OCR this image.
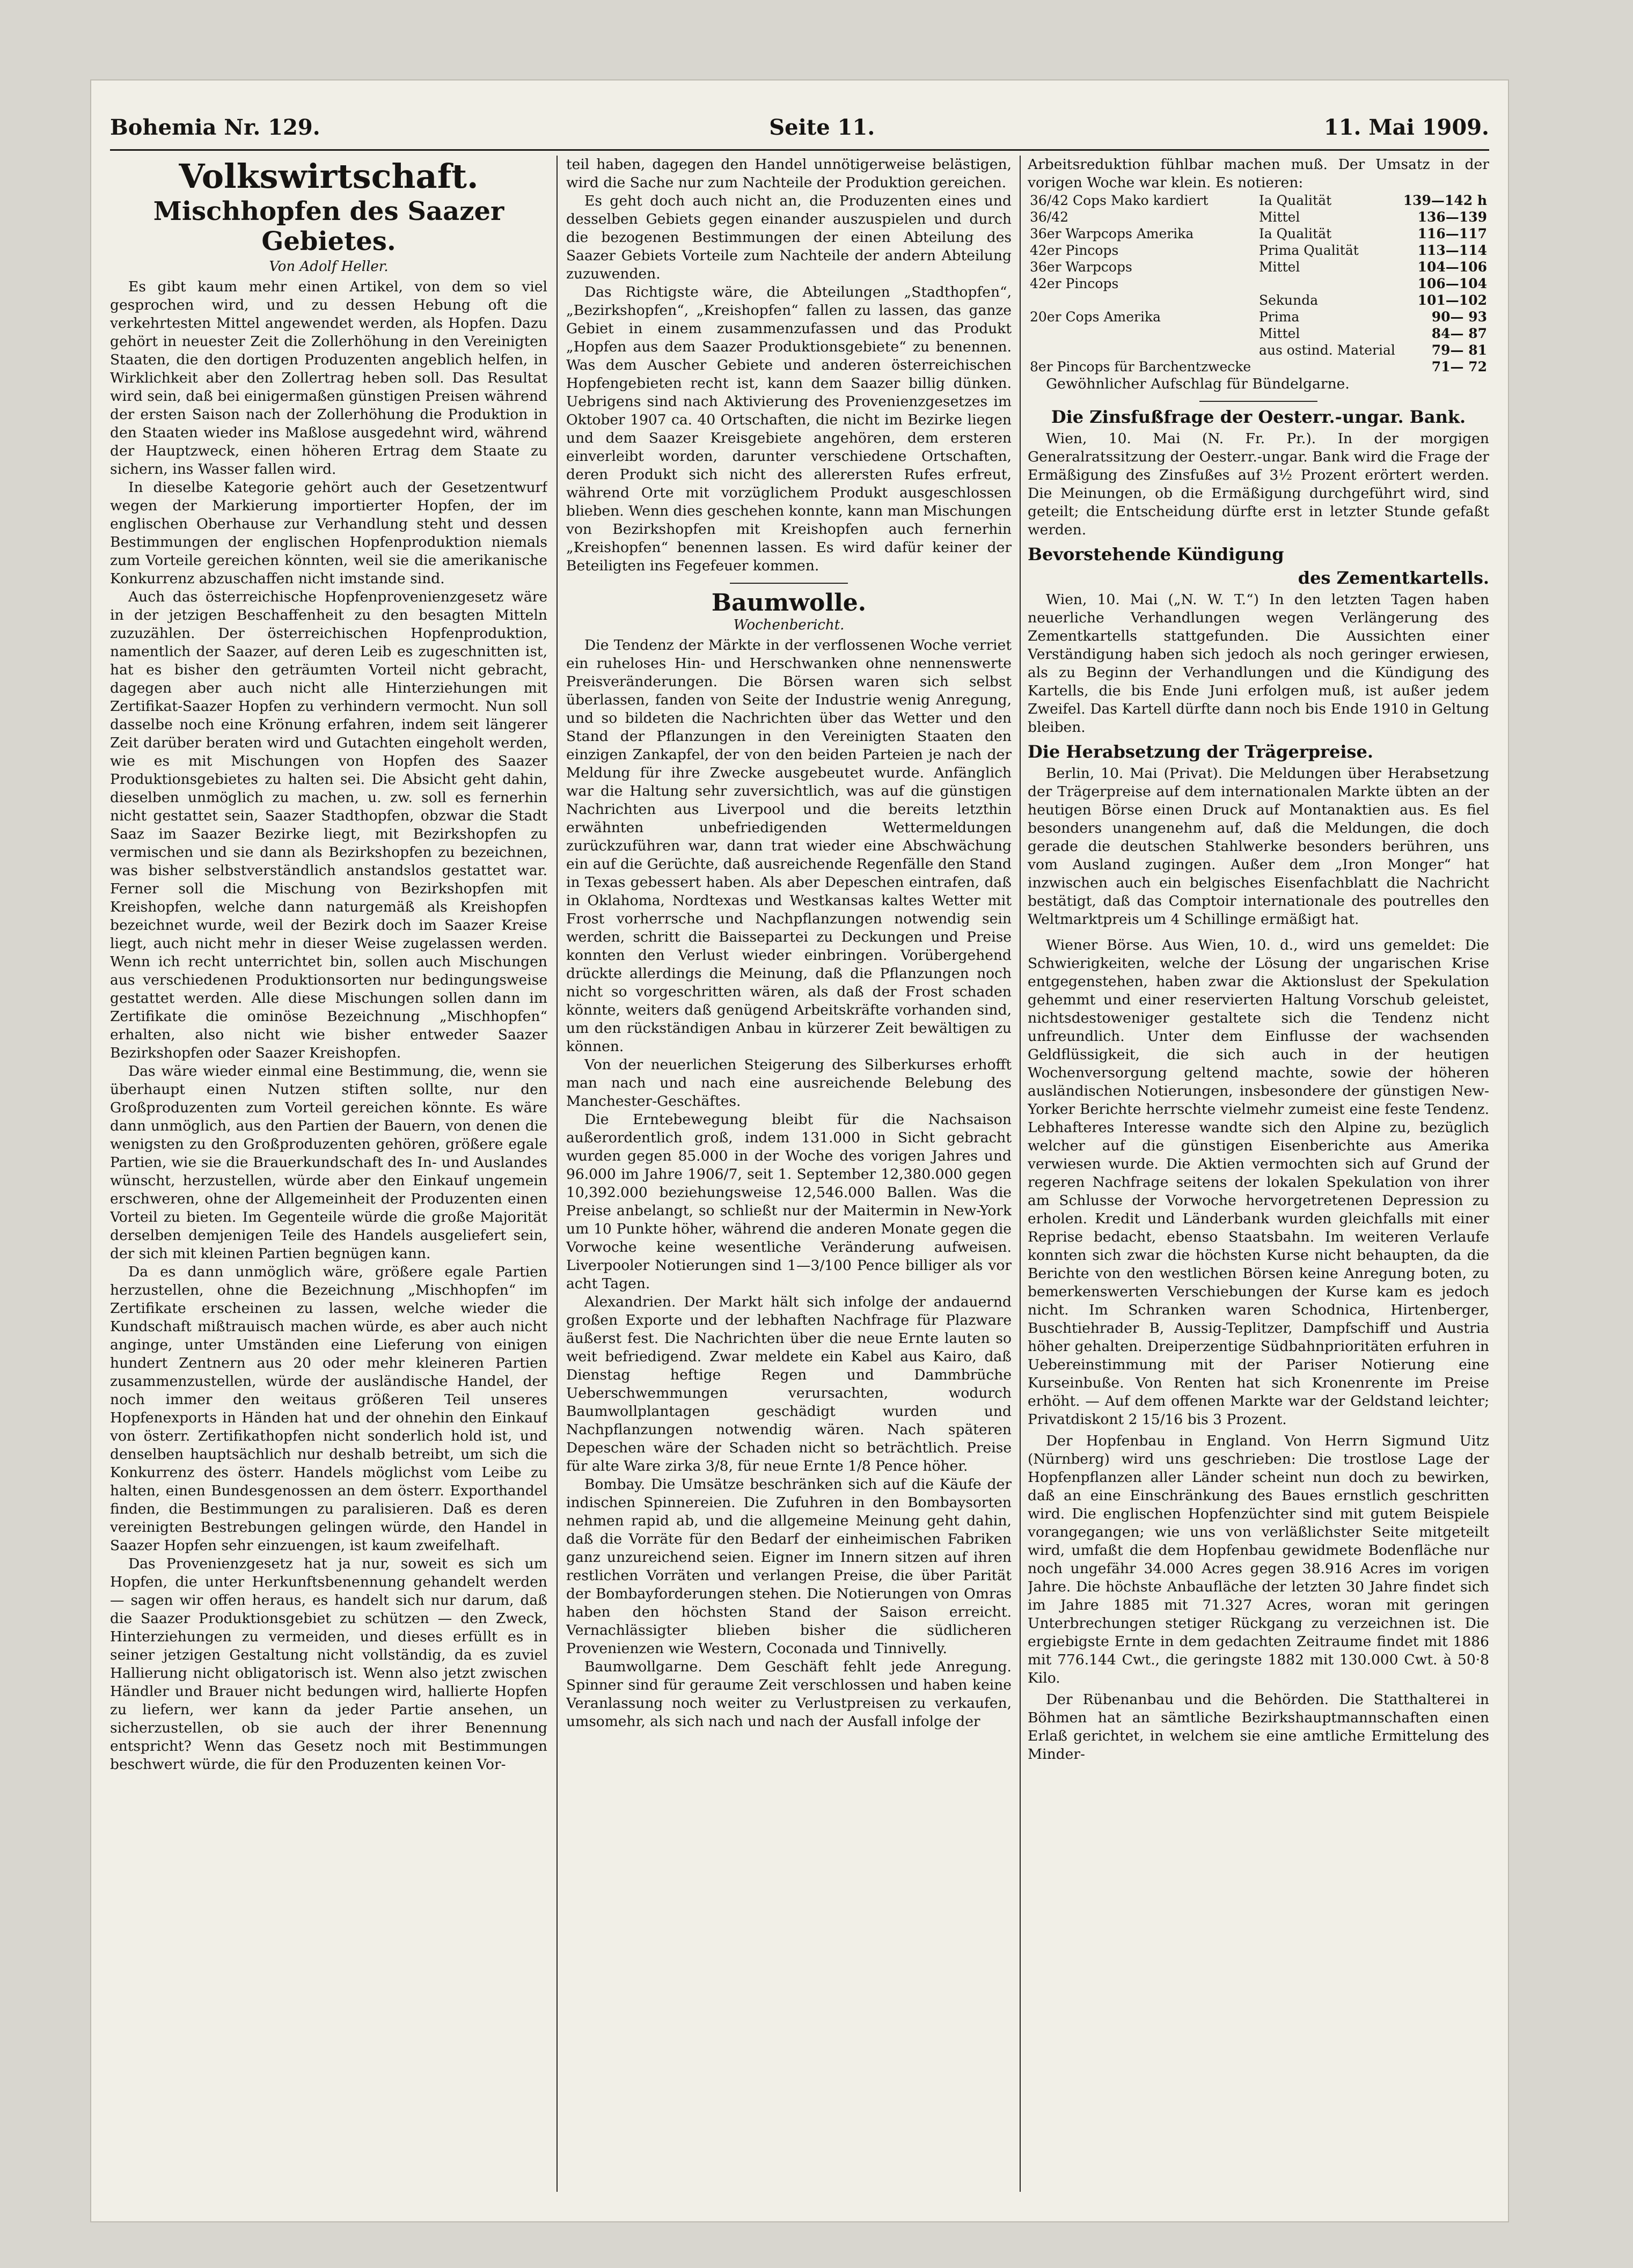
Bohemia Nr. 129.	Seite 11.	11. Mai 1909.
Volkswirtschaft.
Mischhopfen des Saazer Gebietes.
Von Adolf Heller.

Es gibt kaum mehr einen Artikel, von dem so viel gesprochen wird, und zu dessen Hebung oft die verkehrtesten Mittel angewendet werden, als Hopfen. Dazu gehört in neuester Zeit die Zollerhöhung in den Vereinigten Staaten, die den dortigen Produzenten angeblich helfen, in Wirklichkeit aber den Zollertrag heben soll. Das Resultat wird sein, daß bei einigermaßen günstigen Preisen während der ersten Saison nach der Zollerhöhung die Produktion in den Staaten wieder ins Maßlose ausgedehnt wird, während der Hauptzweck, einen höheren Ertrag dem Staate zu sichern, ins Wasser fallen wird.

In dieselbe Kategorie gehört auch der Gesetzentwurf wegen der Markierung importierter Hopfen, der im englischen Oberhause zur Verhandlung steht und dessen Bestimmungen der englischen Hopfenproduktion niemals zum Vorteile gereichen könnten, weil sie die amerikanische Konkurrenz abzuschaffen nicht imstande sind.

Auch das österreichische Hopfenprovenienzgesetz wäre in der jetzigen Beschaffenheit zu den besagten Mitteln zuzuzählen. Der österreichischen Hopfenproduktion, namentlich der Saazer, auf deren Leib es zugeschnitten ist, hat es bisher den geträumten Vorteil nicht gebracht, dagegen aber auch nicht alle Hinterziehungen mit Zertifikat-Saazer Hopfen zu verhindern vermocht. Nun soll dasselbe noch eine Krönung erfahren, indem seit längerer Zeit darüber beraten wird und Gutachten eingeholt werden, wie es mit Mischungen von Hopfen des Saazer Produktionsgebietes zu halten sei. Die Absicht geht dahin, dieselben unmöglich zu machen, u. zw. soll es fernerhin nicht gestattet sein, Saazer Stadthopfen, obzwar die Stadt Saaz im Saazer Bezirke liegt, mit Bezirkshopfen zu vermischen und sie dann als Bezirkshopfen zu bezeichnen, was bisher selbstverständlich anstandslos gestattet war. Ferner soll die Mischung von Bezirkshopfen mit Kreishopfen, welche dann naturgemäß als Kreishopfen bezeichnet wurde, weil der Bezirk doch im Saazer Kreise liegt, auch nicht mehr in dieser Weise zugelassen werden. Wenn ich recht unterrichtet bin, sollen auch Mischungen aus verschiedenen Produktionsorten nur bedingungsweise gestattet werden. Alle diese Mischungen sollen dann im Zertifikate die ominöse Bezeichnung „Mischhopfen“ erhalten, also nicht wie bisher entweder Saazer Bezirkshopfen oder Saazer Kreishopfen.

Das wäre wieder einmal eine Bestimmung, die, wenn sie überhaupt einen Nutzen stiften sollte, nur den Großproduzenten zum Vorteil gereichen könnte. Es wäre dann unmöglich, aus den Partien der Bauern, von denen die wenigsten zu den Großproduzenten gehören, größere egale Partien, wie sie die Brauerkundschaft des In- und Auslandes wünscht, herzustellen, würde aber den Einkauf ungemein erschweren, ohne der Allgemeinheit der Produzenten einen Vorteil zu bieten. Im Gegenteile würde die große Majorität derselben demjenigen Teile des Handels ausgeliefert sein, der sich mit kleinen Partien begnügen kann.

Da es dann unmöglich wäre, größere egale Partien herzustellen, ohne die Bezeichnung „Mischhopfen“ im Zertifikate erscheinen zu lassen, welche wieder die Kundschaft mißtrauisch machen würde, es aber auch nicht anginge, unter Umständen eine Lieferung von einigen hundert Zentnern aus 20 oder mehr kleineren Partien zusammenzustellen, würde der ausländische Handel, der noch immer den weitaus größeren Teil unseres Hopfenexports in Händen hat und der ohnehin den Einkauf von österr. Zertifikathopfen nicht sonderlich hold ist, und denselben hauptsächlich nur deshalb betreibt, um sich die Konkurrenz des österr. Handels möglichst vom Leibe zu halten, einen Bundesgenossen an dem österr. Exporthandel finden, die Bestimmungen zu paralisieren. Daß es deren vereinigten Bestrebungen gelingen würde, den Handel in Saazer Hopfen sehr einzuengen, ist kaum zweifelhaft.

Das Provenienzgesetz hat ja nur, soweit es sich um Hopfen, die unter Herkunftsbenennung gehandelt werden — sagen wir offen heraus, es handelt sich nur darum, daß die Saazer Produktionsgebiet zu schützen — den Zweck, Hinterziehungen zu vermeiden, und dieses erfüllt es in seiner jetzigen Gestaltung nicht vollständig, da es zuviel Hallierung nicht obligatorisch ist. Wenn also jetzt zwischen Händler und Brauer nicht bedungen wird, hallierte Hopfen zu liefern, wer kann da jeder Partie ansehen, un sicherzustellen, ob sie auch der ihrer Benennung entspricht? Wenn das Gesetz noch mit Bestimmungen beschwert würde, die für den Produzenten keinen Vor-

teil haben, dagegen den Handel unnötigerweise belästigen, wird die Sache nur zum Nachteile der Produktion gereichen.

Es geht doch auch nicht an, die Produzenten eines und desselben Gebiets gegen einander auszuspielen und durch die bezogenen Bestimmungen der einen Abteilung des Saazer Gebiets Vorteile zum Nachteile der andern Abteilung zuzuwenden.

Das Richtigste wäre, die Abteilungen „Stadthopfen“, „Bezirkshopfen“, „Kreishopfen“ fallen zu lassen, das ganze Gebiet in einem zusammenzufassen und das Produkt „Hopfen aus dem Saazer Produktionsgebiete“ zu benennen. Was dem Auscher Gebiete und anderen österreichischen Hopfengebieten recht ist, kann dem Saazer billig dünken. Uebrigens sind nach Aktivierung des Provenienzgesetzes im Oktober 1907 ca. 40 Ortschaften, die nicht im Bezirke liegen und dem Saazer Kreisgebiete angehören, dem ersteren einverleibt worden, darunter verschiedene Ortschaften, deren Produkt sich nicht des allerersten Rufes erfreut, während Orte mit vorzüglichem Produkt ausgeschlossen blieben. Wenn dies geschehen konnte, kann man Mischungen von Bezirkshopfen mit Kreishopfen auch fernerhin „Kreishopfen“ benennen lassen. Es wird dafür keiner der Beteiligten ins Fegefeuer kommen.

Baumwolle.
Wochenbericht.

Die Tendenz der Märkte in der verflossenen Woche verriet ein ruheloses Hin- und Herschwanken ohne nennenswerte Preisveränderungen. Die Börsen waren sich selbst überlassen, fanden von Seite der Industrie wenig Anregung, und so bildeten die Nachrichten über das Wetter und den Stand der Pflanzungen in den Vereinigten Staaten den einzigen Zankapfel, der von den beiden Parteien je nach der Meldung für ihre Zwecke ausgebeutet wurde. Anfänglich war die Haltung sehr zuversichtlich, was auf die günstigen Nachrichten aus Liverpool und die bereits letzthin erwähnten unbefriedigenden Wettermeldungen zurückzuführen war, dann trat wieder eine Abschwächung ein auf die Gerüchte, daß ausreichende Regenfälle den Stand in Texas gebessert haben. Als aber Depeschen eintrafen, daß in Oklahoma, Nordtexas und Westkansas kaltes Wetter mit Frost vorherrsche und Nachpflanzungen notwendig sein werden, schritt die Baissepartei zu Deckungen und Preise konnten den Verlust wieder einbringen. Vorübergehend drückte allerdings die Meinung, daß die Pflanzungen noch nicht so vorgeschritten wären, als daß der Frost schaden könnte, weiters daß genügend Arbeitskräfte vorhanden sind, um den rückständigen Anbau in kürzerer Zeit bewältigen zu können.

Von der neuerlichen Steigerung des Silberkurses erhofft man nach und nach eine ausreichende Belebung des Manchester-Geschäftes.

Die Erntebewegung bleibt für die Nachsaison außerordentlich groß, indem 131.000 in Sicht gebracht wurden gegen 85.000 in der Woche des vorigen Jahres und 96.000 im Jahre 1906/7, seit 1. September 12,380.000 gegen 10,392.000 beziehungsweise 12,546.000 Ballen. Was die Preise anbelangt, so schließt nur der Maitermin in New-York um 10 Punkte höher, während die anderen Monate gegen die Vorwoche keine wesentliche Veränderung aufweisen. Liverpooler Notierungen sind 1—3/100 Pence billiger als vor acht Tagen.

Alexandrien. Der Markt hält sich infolge der andauernd großen Exporte und der lebhaften Nachfrage für Plazware äußerst fest. Die Nachrichten über die neue Ernte lauten so weit befriedigend. Zwar meldete ein Kabel aus Kairo, daß Dienstag heftige Regen und Dammbrüche Ueberschwemmungen verursachten, wodurch Baumwollplantagen geschädigt wurden und Nachpflanzungen notwendig wären. Nach späteren Depeschen wäre der Schaden nicht so beträchtlich. Preise für alte Ware zirka 3/8, für neue Ernte 1/8 Pence höher.

Bombay. Die Umsätze beschränken sich auf die Käufe der indischen Spinnereien. Die Zufuhren in den Bombaysorten nehmen rapid ab, und die allgemeine Meinung geht dahin, daß die Vorräte für den Bedarf der einheimischen Fabriken ganz unzureichend seien. Eigner im Innern sitzen auf ihren restlichen Vorräten und verlangen Preise, die über Parität der Bombayforderungen stehen. Die Notierungen von Omras haben den höchsten Stand der Saison erreicht. Vernachlässigter blieben bisher die südlicheren Provenienzen wie Western, Coconada und Tinnivelly.

Baumwollgarne. Dem Geschäft fehlt jede Anregung. Spinner sind für geraume Zeit verschlossen und haben keine Veranlassung noch weiter zu Verlustpreisen zu verkaufen, umsomehr, als sich nach und nach der Ausfall infolge der

Arbeitsreduktion fühlbar machen muß. Der Umsatz in der vorigen Woche war klein. Es notieren:

36/42 Cops Mako kardiert	Ia Qualität	139—142 h
36/42	Mittel	136—139
36er Warpcops Amerika	Ia Qualität	116—117
42er Pincops	Prima Qualität	113—114
36er Warpcops	Mittel	104—106
42er Pincops		106—104
	Sekunda	101—102
20er Cops Amerika	Prima	90— 93
	Mittel	84— 87
	aus ostind. Material	79— 81
8er Pincops für Barchentzwecke		71— 72

Gewöhnlicher Aufschlag für Bündelgarne.

Die Zinsfußfrage der Oesterr.-ungar. Bank.

Wien, 10. Mai (N. Fr. Pr.). In der morgigen Generalratssitzung der Oesterr.-ungar. Bank wird die Frage der Ermäßigung des Zinsfußes auf 3½ Prozent erörtert werden. Die Meinungen, ob die Ermäßigung durchgeführt wird, sind geteilt; die Entscheidung dürfte erst in letzter Stunde gefaßt werden.

Bevorstehende Kündigung
des Zementkartells.

Wien, 10. Mai („N. W. T.“) In den letzten Tagen haben neuerliche Verhandlungen wegen Verlängerung des Zementkartells stattgefunden. Die Aussichten einer Verständigung haben sich jedoch als noch geringer erwiesen, als zu Beginn der Verhandlungen und die Kündigung des Kartells, die bis Ende Juni erfolgen muß, ist außer jedem Zweifel. Das Kartell dürfte dann noch bis Ende 1910 in Geltung bleiben.

Die Herabsetzung der Trägerpreise.

Berlin, 10. Mai (Privat). Die Meldungen über Herabsetzung der Trägerpreise auf dem internationalen Markte übten an der heutigen Börse einen Druck auf Montanaktien aus. Es fiel besonders unangenehm auf, daß die Meldungen, die doch gerade die deutschen Stahlwerke besonders berühren, uns vom Ausland zugingen. Außer dem „Iron Monger“ hat inzwischen auch ein belgisches Eisenfachblatt die Nachricht bestätigt, daß das Comptoir internationale des poutrelles den Weltmarktpreis um 4 Schillinge ermäßigt hat.

Wiener Börse. Aus Wien, 10. d., wird uns gemeldet: Die Schwierigkeiten, welche der Lösung der ungarischen Krise entgegenstehen, haben zwar die Aktionslust der Spekulation gehemmt und einer reservierten Haltung Vorschub geleistet, nichtsdestoweniger gestaltete sich die Tendenz nicht unfreundlich. Unter dem Einflusse der wachsenden Geldflüssigkeit, die sich auch in der heutigen Wochenversorgung geltend machte, sowie der höheren ausländischen Notierungen, insbesondere der günstigen New-Yorker Berichte herrschte vielmehr zumeist eine feste Tendenz. Lebhafteres Interesse wandte sich den Alpine zu, bezüglich welcher auf die günstigen Eisenberichte aus Amerika verwiesen wurde. Die Aktien vermochten sich auf Grund der regeren Nachfrage seitens der lokalen Spekulation von ihrer am Schlusse der Vorwoche hervorgetretenen Depression zu erholen. Kredit und Länderbank wurden gleichfalls mit einer Reprise bedacht, ebenso Staatsbahn. Im weiteren Verlaufe konnten sich zwar die höchsten Kurse nicht behaupten, da die Berichte von den westlichen Börsen keine Anregung boten, zu bemerkenswerten Verschiebungen der Kurse kam es jedoch nicht. Im Schranken waren Schodnica, Hirtenberger, Buschtiehrader B, Aussig-Teplitzer, Dampfschiff und Austria höher gehalten. Dreiperzentige Südbahnprioritäten erfuhren in Uebereinstimmung mit der Pariser Notierung eine Kurseinbuße. Von Renten hat sich Kronenrente im Preise erhöht. — Auf dem offenen Markte war der Geldstand leichter; Privatdiskont 2 15/16 bis 3 Prozent.

Der Hopfenbau in England. Von Herrn Sigmund Uitz (Nürnberg) wird uns geschrieben: Die trostlose Lage der Hopfenpflanzen aller Länder scheint nun doch zu bewirken, daß an eine Einschränkung des Baues ernstlich geschritten wird. Die englischen Hopfenzüchter sind mit gutem Beispiele vorangegangen; wie uns von verläßlichster Seite mitgeteilt wird, umfaßt die dem Hopfenbau gewidmete Bodenfläche nur noch ungefähr 34.000 Acres gegen 38.916 Acres im vorigen Jahre. Die höchste Anbaufläche der letzten 30 Jahre findet sich im Jahre 1885 mit 71.327 Acres, woran mit geringen Unterbrechungen stetiger Rückgang zu verzeichnen ist. Die ergiebigste Ernte in dem gedachten Zeitraume findet mit 1886 mit 776.144 Cwt., die geringste 1882 mit 130.000 Cwt. à 50·8 Kilo.

Der Rübenanbau und die Behörden. Die Statthalterei in Böhmen hat an sämtliche Bezirkshauptmannschaften einen Erlaß gerichtet, in welchem sie eine amtliche Ermittelung des Minder-
